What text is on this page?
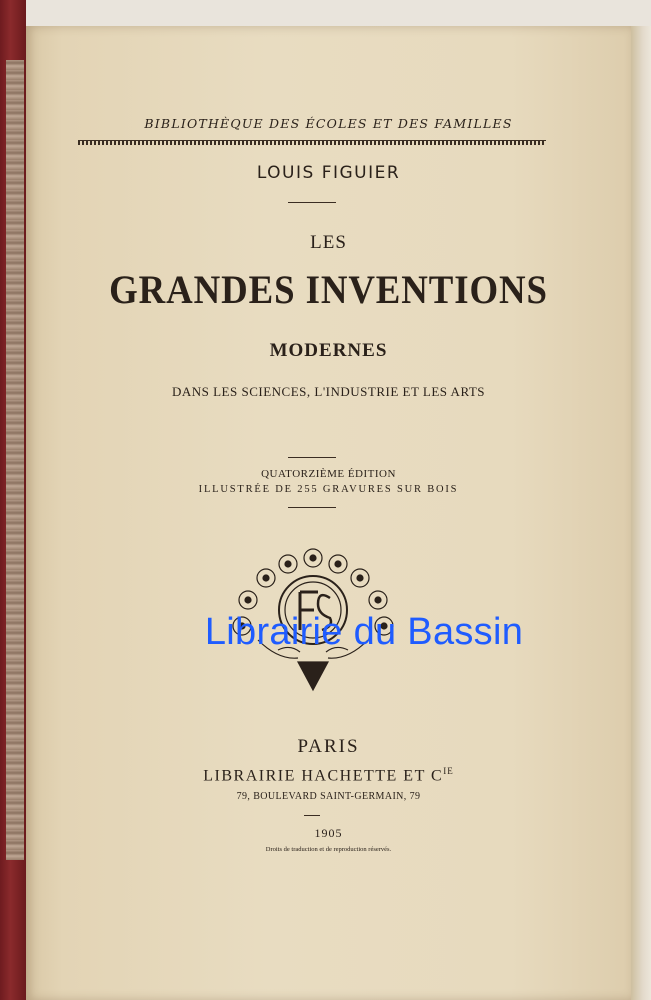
BIBLIOTHÈQUE DES ÉCOLES ET DES FAMILLES
LOUIS FIGUIER
LES
GRANDES INVENTIONS
MODERNES
DANS LES SCIENCES, L'INDUSTRIE ET LES ARTS
QUATORZIÈME ÉDITION
ILLUSTRÉE DE 255 GRAVURES SUR BOIS
Librairie du Bassin
PARIS
LIBRAIRIE HACHETTE ET $C^{IE}$
79, BOULEVARD SAINT-GERMAIN, 79
1905
Droits de traduction et de reproduction réservés.
